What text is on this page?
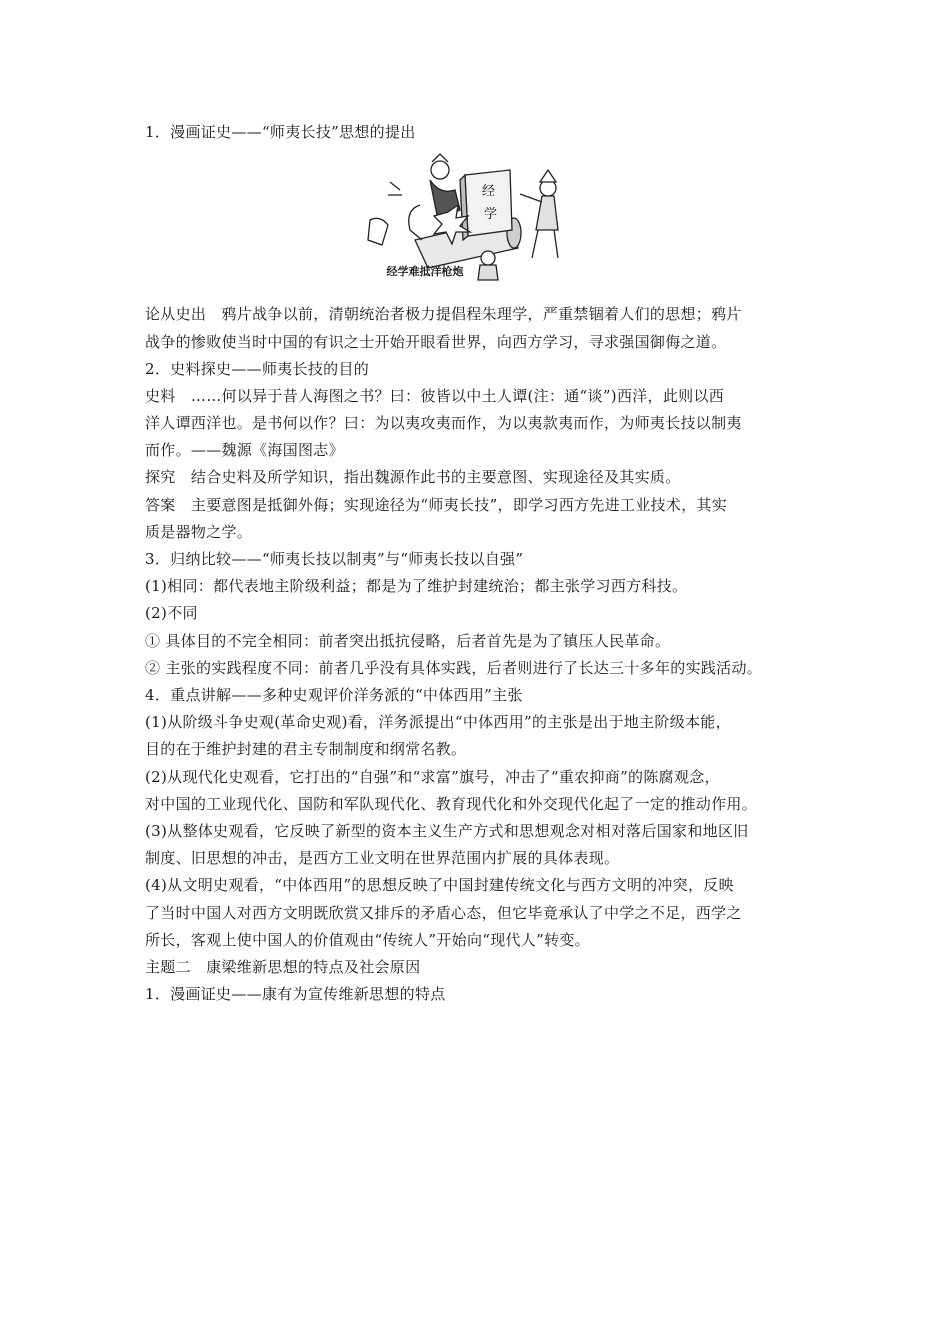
1．漫画证史——“师夷长技”思想的提出
经
学
经学难抵洋枪炮
论从史出　鸦片战争以前，清朝统治者极力提倡程朱理学，严重禁锢着人们的思想；鸦片
战争的惨败使当时中国的有识之士开始开眼看世界，向西方学习，寻求强国御侮之道。
2．史料探史——师夷长技的目的
史料　……何以异于昔人海图之书？曰：彼皆以中土人谭(注：通“谈”)西洋，此则以西
洋人谭西洋也。是书何以作？曰：为以夷攻夷而作，为以夷款夷而作，为师夷长技以制夷
而作。——魏源《海国图志》
探究　结合史料及所学知识，指出魏源作此书的主要意图、实现途径及其实质。
答案　主要意图是抵御外侮；实现途径为“师夷长技”，即学习西方先进工业技术，其实
质是器物之学。
3．归纳比较——“师夷长技以制夷”与“师夷长技以自强”
(1)相同：都代表地主阶级利益；都是为了维护封建统治；都主张学习西方科技。
(2)不同
① 具体目的不完全相同：前者突出抵抗侵略，后者首先是为了镇压人民革命。
② 主张的实践程度不同：前者几乎没有具体实践，后者则进行了长达三十多年的实践活动。
4．重点讲解——多种史观评价洋务派的“中体西用”主张
(1)从阶级斗争史观(革命史观)看，洋务派提出“中体西用”的主张是出于地主阶级本能，
目的在于维护封建的君主专制制度和纲常名教。
(2)从现代化史观看，它打出的“自强”和“求富”旗号，冲击了“重农抑商”的陈腐观念，
对中国的工业现代化、国防和军队现代化、教育现代化和外交现代化起了一定的推动作用。
(3)从整体史观看，它反映了新型的资本主义生产方式和思想观念对相对落后国家和地区旧
制度、旧思想的冲击，是西方工业文明在世界范围内扩展的具体表现。
(4)从文明史观看，“中体西用”的思想反映了中国封建传统文化与西方文明的冲突，反映
了当时中国人对西方文明既欣赏又排斥的矛盾心态，但它毕竟承认了中学之不足，西学之
所长，客观上使中国人的价值观由“传统人”开始向“现代人”转变。
主题二　康梁维新思想的特点及社会原因
1．漫画证史——康有为宣传维新思想的特点
